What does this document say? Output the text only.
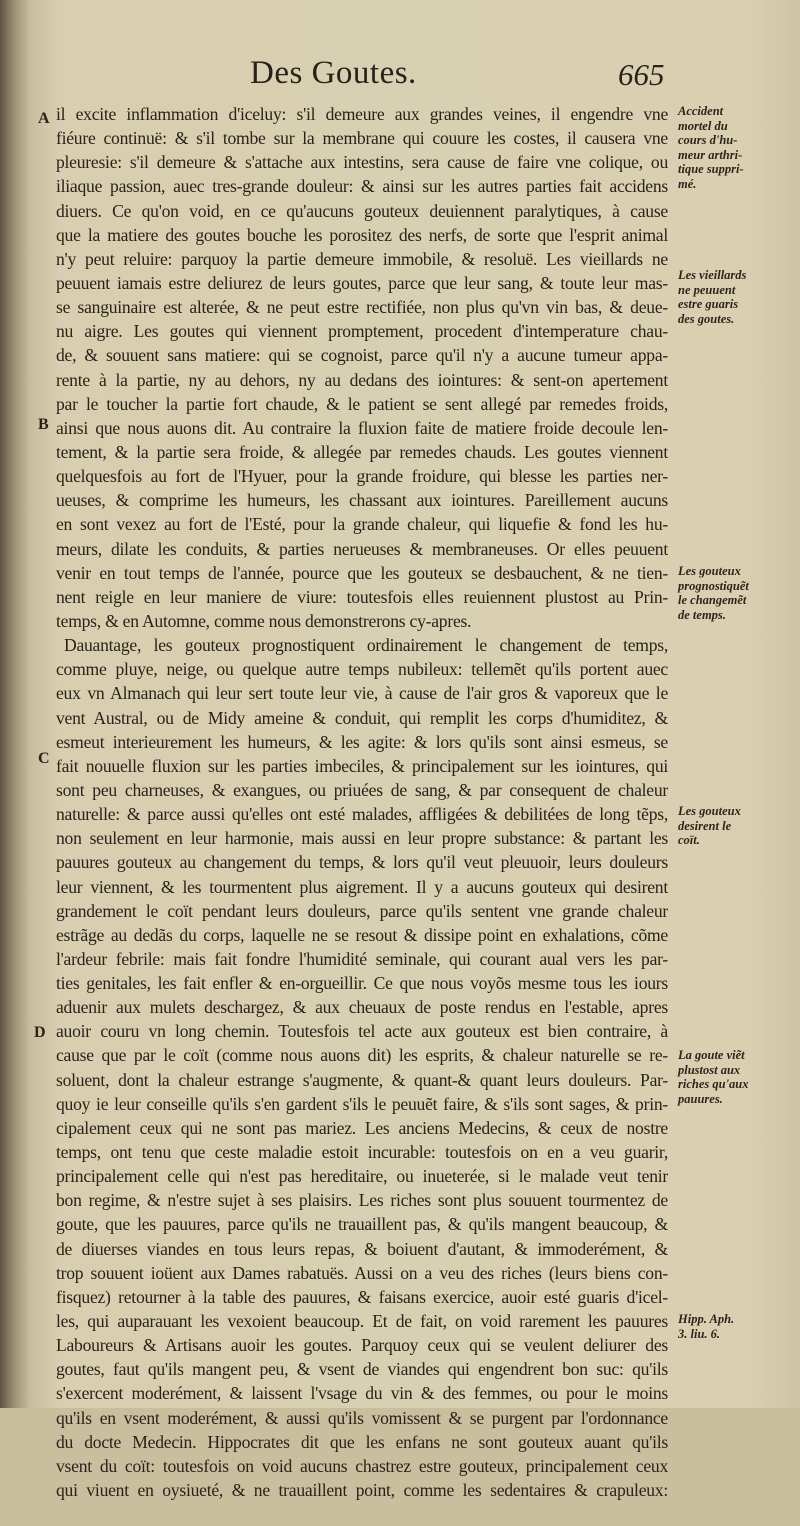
Des Goutes.	665
A
B
C
D
il excite inflammation d'iceluy: s'il demeure aux grandes veines, il engendre vne
fiéure continuë: & s'il tombe sur la membrane qui couure les costes, il causera vne
pleuresie: s'il demeure & s'attache aux intestins, sera cause de faire vne colique, ou
iliaque passion, auec tres-grande douleur: & ainsi sur les autres parties fait accidens
diuers. Ce qu'on void, en ce qu'aucuns gouteux deuiennent paralytiques, à cause
que la matiere des goutes bouche les porositez des nerfs, de sorte que l'esprit animal
n'y peut reluire: parquoy la partie demeure immobile, & resoluë. Les vieillards ne
peuuent iamais estre deliurez de leurs goutes, parce que leur sang, & toute leur mas-
se sanguinaire est alterée, & ne peut estre rectifiée, non plus qu'vn vin bas, & deue-
nu aigre. Les goutes qui viennent promptement, procedent d'intemperature chau-
de, & souuent sans matiere: qui se cognoist, parce qu'il n'y a aucune tumeur appa-
rente à la partie, ny au dehors, ny au dedans des iointures: & sent-on apertement
par le toucher la partie fort chaude, & le patient se sent allegé par remedes froids,
ainsi que nous auons dit. Au contraire la fluxion faite de matiere froide decoule len-
tement, & la partie sera froide, & allegée par remedes chauds. Les goutes viennent
quelquesfois au fort de l'Hyuer, pour la grande froidure, qui blesse les parties ner-
ueuses, & comprime les humeurs, les chassant aux iointures. Pareillement aucuns
en sont vexez au fort de l'Esté, pour la grande chaleur, qui liquefie & fond les hu-
meurs, dilate les conduits, & parties nerueuses & membraneuses. Or elles peuuent
venir en tout temps de l'année, pource que les gouteux se desbauchent, & ne tien-
nent reigle en leur maniere de viure: toutesfois elles reuiennent plustost au Prin-
temps, & en Automne, comme nous demonstrerons cy-apres.
Dauantage, les gouteux prognostiquent ordinairement le changement de temps,
comme pluye, neige, ou quelque autre temps nubileux: tellemẽt qu'ils portent auec
eux vn Almanach qui leur sert toute leur vie, à cause de l'air gros & vaporeux que le
vent Austral, ou de Midy ameine & conduit, qui remplit les corps d'humiditez, &
esmeut interieurement les humeurs, & les agite: & lors qu'ils sont ainsi esmeus, se
fait nouuelle fluxion sur les parties imbeciles, & principalement sur les iointures, qui
sont peu charneuses, & exangues, ou priuées de sang, & par consequent de chaleur
naturelle: & parce aussi qu'elles ont esté malades, affligées & debilitées de long tẽps,
non seulement en leur harmonie, mais aussi en leur propre substance: & partant les
pauures gouteux au changement du temps, & lors qu'il veut pleuuoir, leurs douleurs
leur viennent, & les tourmentent plus aigrement. Il y a aucuns gouteux qui desirent
grandement le coït pendant leurs douleurs, parce qu'ils sentent vne grande chaleur
estrãge au dedãs du corps, laquelle ne se resout & dissipe point en exhalations, cõme
l'ardeur febrile: mais fait fondre l'humidité seminale, qui courant aual vers les par-
ties genitales, les fait enfler & en-orgueillir. Ce que nous voyõs mesme tous les iours
aduenir aux mulets deschargez, & aux cheuaux de poste rendus en l'estable, apres
auoir couru vn long chemin. Toutesfois tel acte aux gouteux est bien contraire, à
cause que par le coït (comme nous auons dit) les esprits, & chaleur naturelle se re-
soluent, dont la chaleur estrange s'augmente, & quant-& quant leurs douleurs. Par-
quoy ie leur conseille qu'ils s'en gardent s'ils le peuuẽt faire, & s'ils sont sages, & prin-
cipalement ceux qui ne sont pas mariez. Les anciens Medecins, & ceux de nostre
temps, ont tenu que ceste maladie estoit incurable: toutesfois on en a veu guarir,
principalement celle qui n'est pas hereditaire, ou inueterée, si le malade veut tenir
bon regime, & n'estre sujet à ses plaisirs. Les riches sont plus souuent tourmentez de
goute, que les pauures, parce qu'ils ne trauaillent pas, & qu'ils mangent beaucoup, &
de diuerses viandes en tous leurs repas, & boiuent d'autant, & immoderément, &
trop souuent ioüent aux Dames rabatuës. Aussi on a veu des riches (leurs biens con-
fisquez) retourner à la table des pauures, & faisans exercice, auoir esté guaris d'icel-
les, qui auparauant les vexoient beaucoup. Et de fait, on void rarement les pauures
Laboureurs & Artisans auoir les goutes. Parquoy ceux qui se veulent deliurer des
goutes, faut qu'ils mangent peu, & vsent de viandes qui engendrent bon suc: qu'ils
s'exercent moderément, & laissent l'vsage du vin & des femmes, ou pour le moins
qu'ils en vsent moderément, & aussi qu'ils vomissent & se purgent par l'ordonnance
du docte Medecin. Hippocrates dit que les enfans ne sont gouteux auant qu'ils
vsent du coït: toutesfois on void aucuns chastrez estre gouteux, principalement ceux
qui viuent en oysiueté, & ne trauaillent point, comme les sedentaires & crapuleux:
Accident
mortel du
cours d'hu-
meur arthri-
tique suppri-
mé.
Les vieillards
ne peuuent
estre guaris
des goutes.
Les gouteux
prognostiquẽt
le changemẽt
de temps.
Les gouteux
desirent le
coït.
La goute viẽt
plustost aux
riches qu'aux
pauures.
Hipp. Aph.
3. liu. 6.
